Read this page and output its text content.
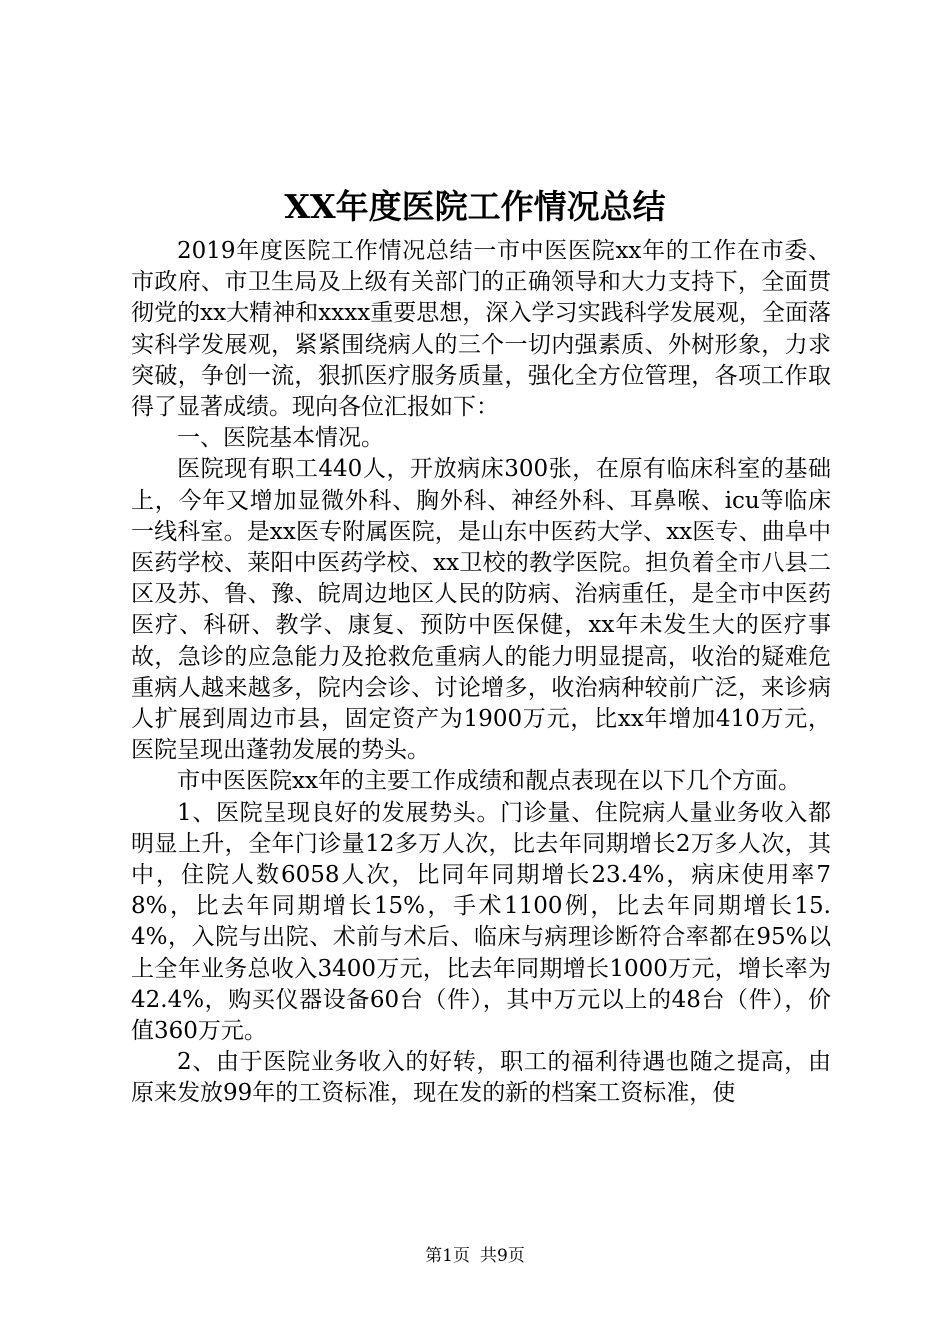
XX年度医院工作情况总结

2019年度医院工作情况总结一市中医医院xx年的工作在市委、市政府、市卫生局及上级有关部门的正确领导和大力支持下，全面贯彻党的xx大精神和xxxx重要思想，深入学习实践科学发展观，全面落实科学发展观，紧紧围绕病人的三个一切内强素质、外树形象，力求突破，争创一流，狠抓医疗服务质量，强化全方位管理，各项工作取得了显著成绩。现向各位汇报如下：

一、医院基本情况。

医院现有职工440人，开放病床300张，在原有临床科室的基础上，今年又增加显微外科、胸外科、神经外科、耳鼻喉、icu等临床一线科室。是xx医专附属医院，是山东中医药大学、xx医专、曲阜中医药学校、莱阳中医药学校、xx卫校的教学医院。担负着全市八县二区及苏、鲁、豫、皖周边地区人民的防病、治病重任，是全市中医药医疗、科研、教学、康复、预防中医保健，xx年未发生大的医疗事故，急诊的应急能力及抢救危重病人的能力明显提高，收治的疑难危重病人越来越多，院内会诊、讨论增多，收治病种较前广泛，来诊病人扩展到周边市县，固定资产为1900万元，比xx年增加410万元，医院呈现出蓬勃发展的势头。

市中医医院xx年的主要工作成绩和靓点表现在以下几个方面。

1、医院呈现良好的发展势头。门诊量、住院病人量业务收入都明显上升，全年门诊量12多万人次，比去年同期增长2万多人次，其中，住院人数6058人次，比同年同期增长23.4%，病床使用率78%，比去年同期增长15%，手术1100例，比去年同期增长15.4%，入院与出院、术前与术后、临床与病理诊断符合率都在95%以上全年业务总收入3400万元，比去年同期增长1000万元，增长率为42.4%，购买仪器设备60台（件），其中万元以上的48台（件），价值360万元。

2、由于医院业务收入的好转，职工的福利待遇也随之提高，由原来发放99年的工资标准，现在发的新的档案工资标准，使

第1页 共9页
